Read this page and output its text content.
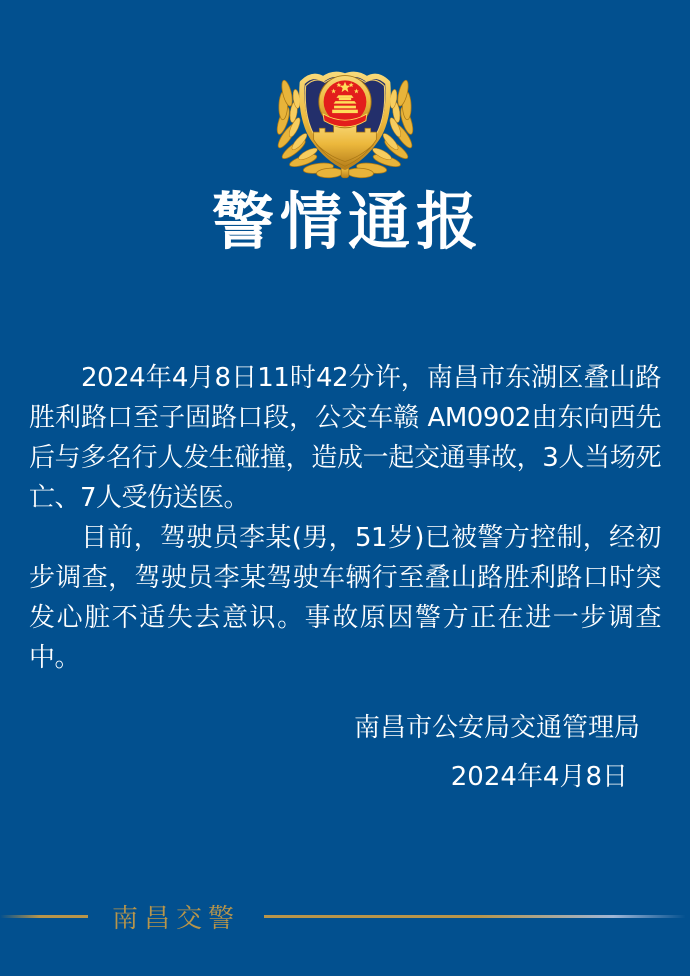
警情通报

2024年4月8日11时42分许，南昌市东湖区叠山路胜利路口至子固路口段，公交车赣 AM0902由东向西先后与多名行人发生碰撞，造成一起交通事故，3人当场死亡、7人受伤送医。

目前，驾驶员李某(男，51岁)已被警方控制，经初步调查，驾驶员李某驾驶车辆行至叠山路胜利路口时突发心脏不适失去意识。事故原因警方正在进一步调查中。

南昌市公安局交通管理局
2024年4月8日
南昌交警
